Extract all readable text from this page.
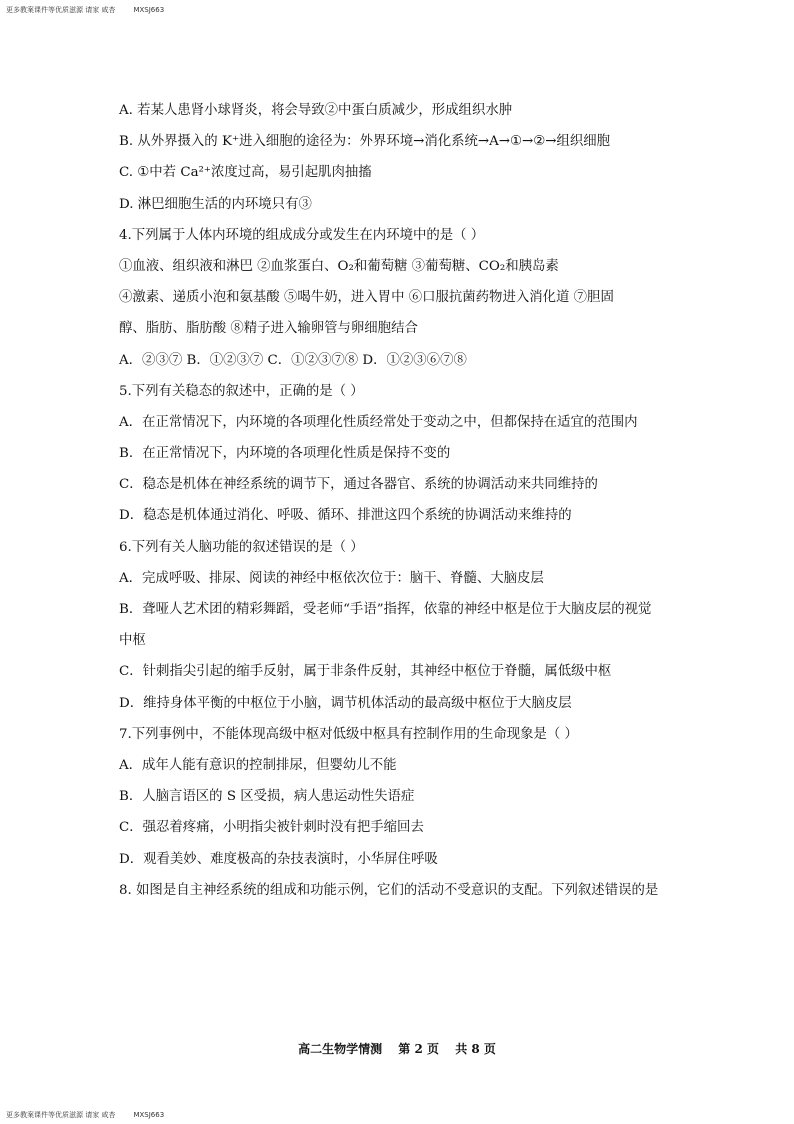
更多教案课件等优质滋源 请家 咸杏	MXSJ663
A. 若某人患肾小球肾炎，将会导致②中蛋白质减少，形成组织水肿
B. 从外界摄入的 K⁺进入细胞的途径为：外界环境→消化系统→A→①→②→组织细胞
C. ①中若 Ca²⁺浓度过高，易引起肌肉抽搐
D. 淋巴细胞生活的内环境只有③
4.下列属于人体内环境的组成成分或发生在内环境中的是（ ）
①血液、组织液和淋巴 ②血浆蛋白、O₂和葡萄糖 ③葡萄糖、CO₂和胰岛素
④激素、递质小泡和氨基酸 ⑤喝牛奶，进入胃中 ⑥口服抗菌药物进入消化道 ⑦胆固
醇、脂肪、脂肪酸 ⑧精子进入输卵管与卵细胞结合
A．②③⑦ B．①②③⑦ C．①②③⑦⑧ D．①②③⑥⑦⑧
5.下列有关稳态的叙述中，正确的是（ ）
A．在正常情况下，内环境的各项理化性质经常处于变动之中，但都保持在适宜的范围内
B．在正常情况下，内环境的各项理化性质是保持不变的
C．稳态是机体在神经系统的调节下，通过各器官、系统的协调活动来共同维持的
D．稳态是机体通过消化、呼吸、循环、排泄这四个系统的协调活动来维持的
6.下列有关人脑功能的叙述错误的是（ ）
A．完成呼吸、排尿、阅读的神经中枢依次位于：脑干、脊髓、大脑皮层
B．聋哑人艺术团的精彩舞蹈，受老师“手语”指挥，依靠的神经中枢是位于大脑皮层的视觉
中枢
C．针刺指尖引起的缩手反射，属于非条件反射，其神经中枢位于脊髓，属低级中枢
D．维持身体平衡的中枢位于小脑，调节机体活动的最高级中枢位于大脑皮层
7.下列事例中，不能体现高级中枢对低级中枢具有控制作用的生命现象是（ ）
A．成年人能有意识的控制排尿，但婴幼儿不能
B．人脑言语区的 S 区受损，病人患运动性失语症
C．强忍着疼痛，小明指尖被针刺时没有把手缩回去
D．观看美妙、难度极高的杂技表演时，小华屏住呼吸
8. 如图是自主神经系统的组成和功能示例，它们的活动不受意识的支配。下列叙述错误的是
高二生物学情测 第 2 页 共 8 页
更多教案课件等优质滋源 请家 咸杏	MXSJ663
